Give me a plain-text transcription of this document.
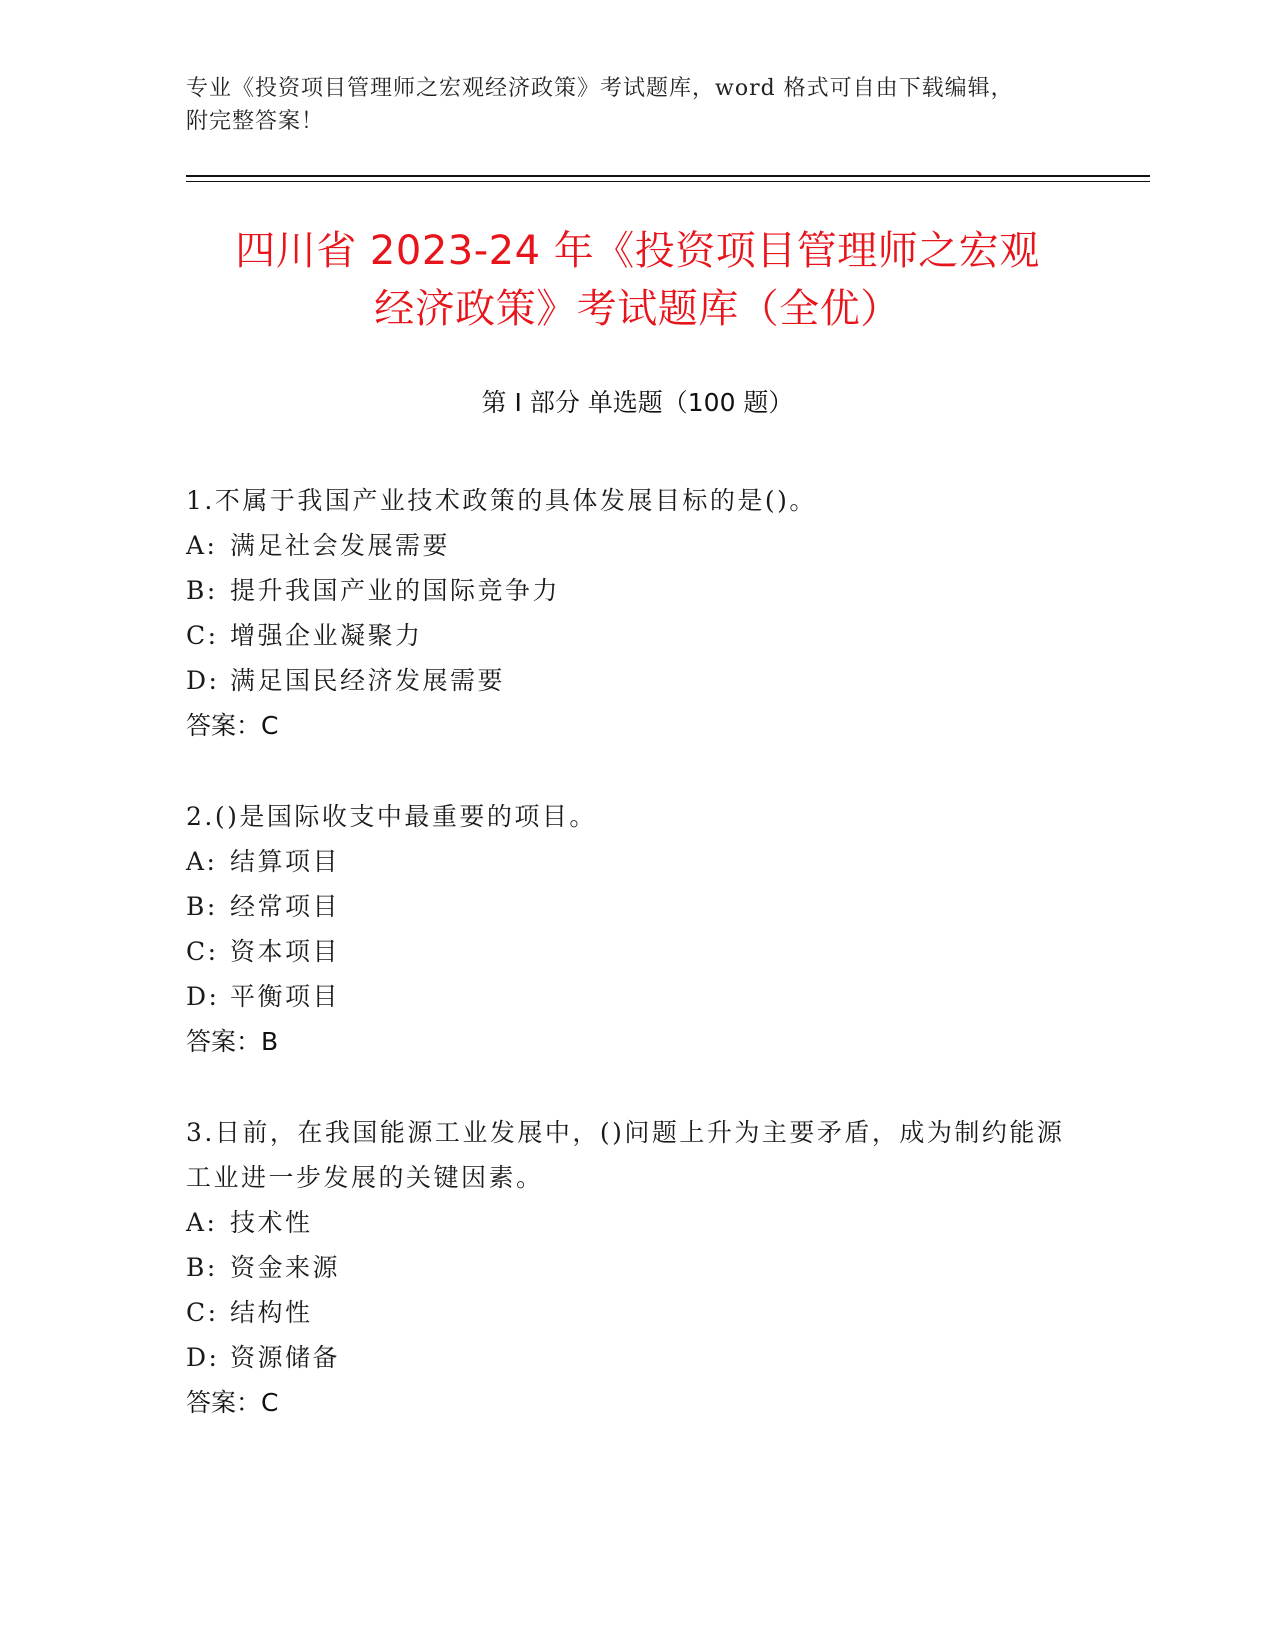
专业《投资项目管理师之宏观经济政策》考试题库，word 格式可自由下载编辑，
附完整答案！
四川省 2023-24 年《投资项目管理师之宏观
经济政策》考试题库（全优）
第 I 部分 单选题（100 题）
1.不属于我国产业技术政策的具体发展目标的是()。
A: 满足社会发展需要
B: 提升我国产业的国际竞争力
C: 增强企业凝聚力
D: 满足国民经济发展需要
答案：C
2.()是国际收支中最重要的项目。
A: 结算项目
B: 经常项目
C: 资本项目
D: 平衡项目
答案：B
3.日前，在我国能源工业发展中，()问题上升为主要矛盾，成为制约能源工业进一步发展的关键因素。
A: 技术性
B: 资金来源
C: 结构性
D: 资源储备
答案：C
